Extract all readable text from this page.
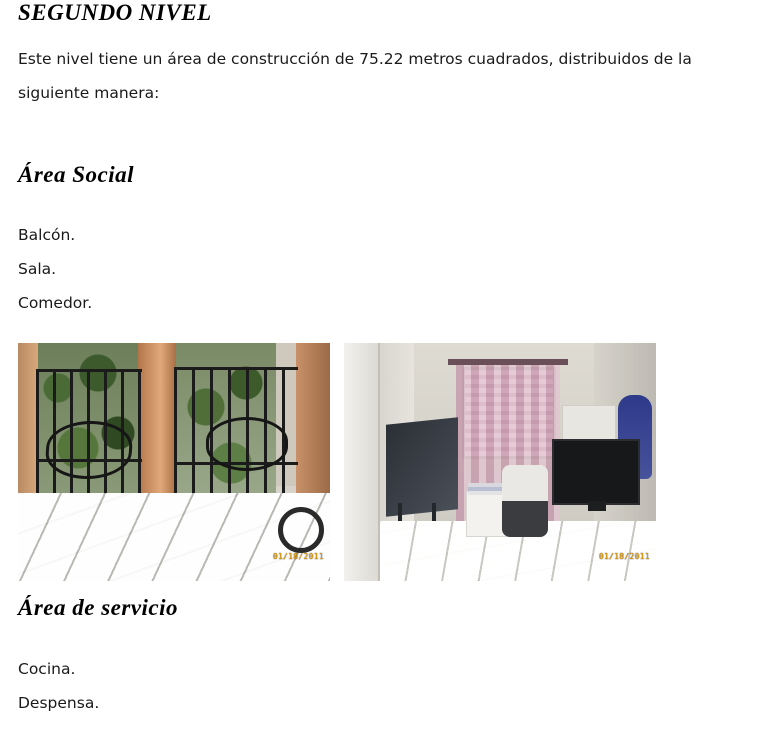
SEGUNDO NIVEL

Este nivel tiene un área de construcción de 75.22 metros cuadrados, distribuidos de la siguiente manera:

Área Social

Balcón.

Sala.

Comedor.

01/18/2011	01/18/2011
Área de servicio

Cocina.

Despensa.
